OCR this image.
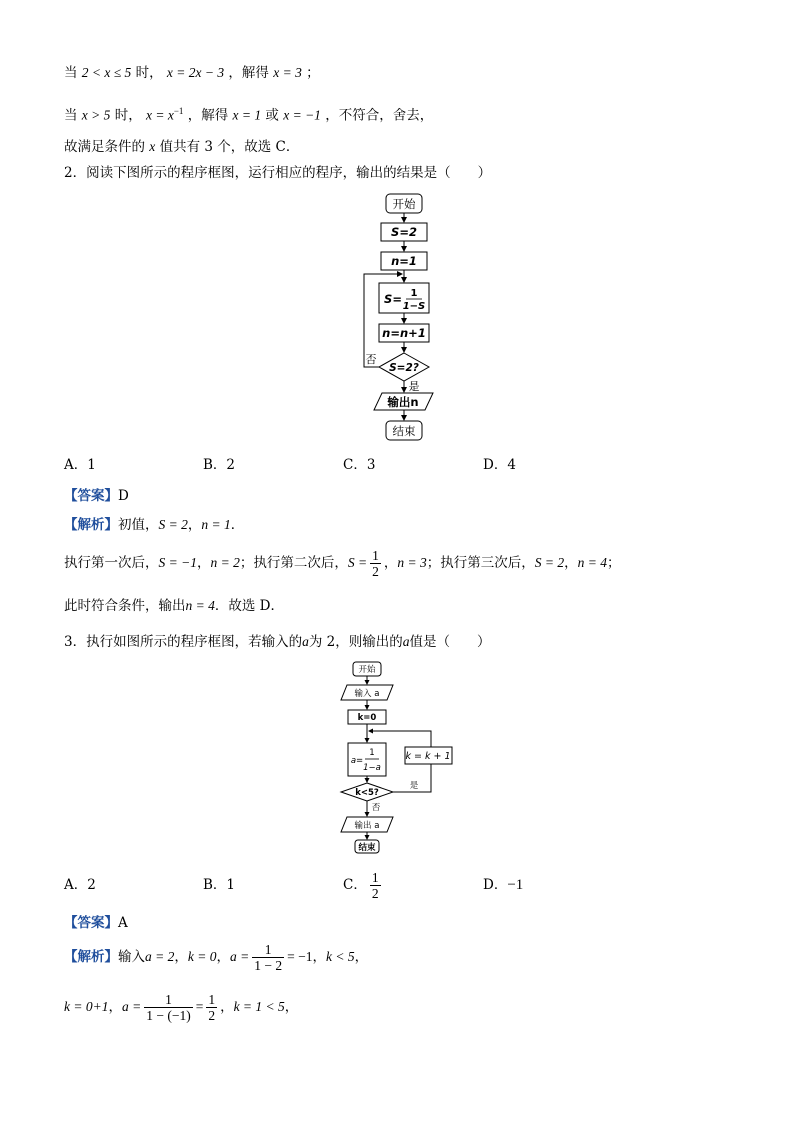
当 2 < x ≤ 5 时， x = 2x − 3 ，解得 x = 3 ；
当 x > 5 时， $x = x^{-1}$ ，解得 x = 1 或 x = −1 ，不符合，舍去，
故满足条件的 x 值共有 3 个，故选 C．
2．阅读下图所示的程序框图，运行相应的程序，输出的结果是（　　）
开始
S=2
n=1
S= 1
1−S
n=n+1
S=2?
否
是
输出n
结束
A．1	B．2	C．3	D．4
【答案】D
【解析】初值，S = 2，n = 1．
执行第一次后，S = −1，n = 2；执行第二次后，$S = \frac{1}{2}$ ，n = 3；执行第三次后，S = 2，n = 4；
此时符合条件，输出n = 4．故选 D．
3．执行如图所示的程序框图，若输入的a为 2，则输出的a值是（　　）
开始
输入 a
k=0
a=
1
1−a
k = k + 1
k<5?
是
否
输出 a
结束
A．2	B．1	C． $\frac{1}{2}$	D．−1
【答案】A
【解析】输入a = 2，k = 0，$a = \frac{1}{1 - 2} = -1$，k < 5，
k = 0+1，$a = \frac{1}{1 - (-1)} = \frac{1}{2}$ ，k = 1 < 5，
